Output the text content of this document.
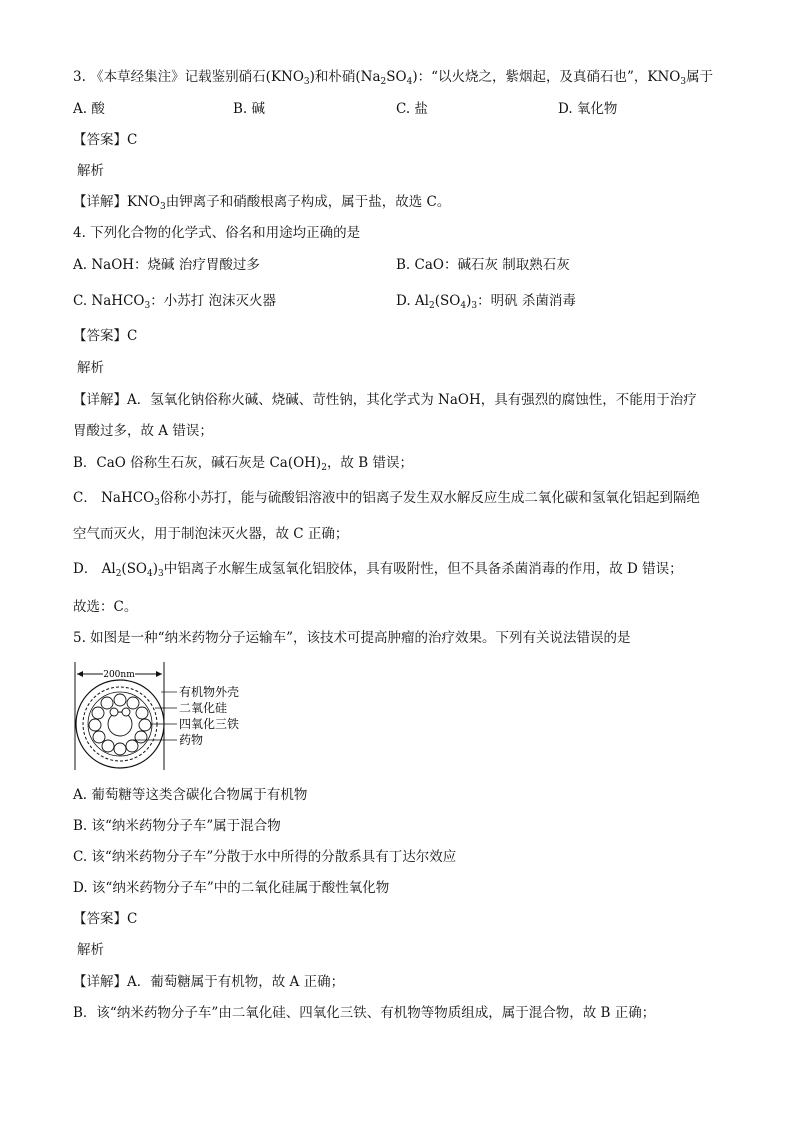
3. 《本草经集注》记载鉴别硝石$(KNO_3)$和朴硝$(Na_2SO_4)$：“以火烧之，紫烟起，及真硝石也”，$KNO_3$属于
A. 酸	B. 碱	C. 盐	D. 氧化物
【答案】C
解析
【详解】$KNO_3$由钾离子和硝酸根离子构成，属于盐，故选 C。
4. 下列化合物的化学式、俗名和用途均正确的是
A. NaOH：烧碱 治疗胃酸过多	B. CaO：碱石灰 制取熟石灰
C. NaHCO$_3$：小苏打 泡沫灭火器	D. $Al_2(SO_4)_3$：明矾 杀菌消毒
【答案】C
解析
【详解】A．氢氧化钠俗称火碱、烧碱、苛性钠，其化学式为 NaOH，具有强烈的腐蚀性，不能用于治疗
胃酸过多，故 A 错误；
B．CaO 俗称生石灰，碱石灰是 $Ca(OH)_2$，故 B 错误；
C． NaHCO$_3$俗称小苏打，能与硫酸铝溶液中的铝离子发生双水解反应生成二氧化碳和氢氧化铝起到隔绝
空气而灭火，用于制泡沫灭火器，故 C 正确；
D． $Al_2(SO_4)_3$中铝离子水解生成氢氧化铝胶体，具有吸附性，但不具备杀菌消毒的作用，故 D 错误；
故选：C。
5. 如图是一种“纳米药物分子运输车”，该技术可提高肿瘤的治疗效果。下列有关说法错误的是
200nm
有机物外壳
二氧化硅
四氧化三铁
药物
A. 葡萄糖等这类含碳化合物属于有机物
B. 该“纳米药物分子车”属于混合物
C. 该“纳米药物分子车”分散于水中所得的分散系具有丁达尔效应
D. 该“纳米药物分子车”中的二氧化硅属于酸性氧化物
【答案】C
解析
【详解】A．葡萄糖属于有机物，故 A 正确；
B．该“纳米药物分子车”由二氧化硅、四氧化三铁、有机物等物质组成，属于混合物，故 B 正确；
